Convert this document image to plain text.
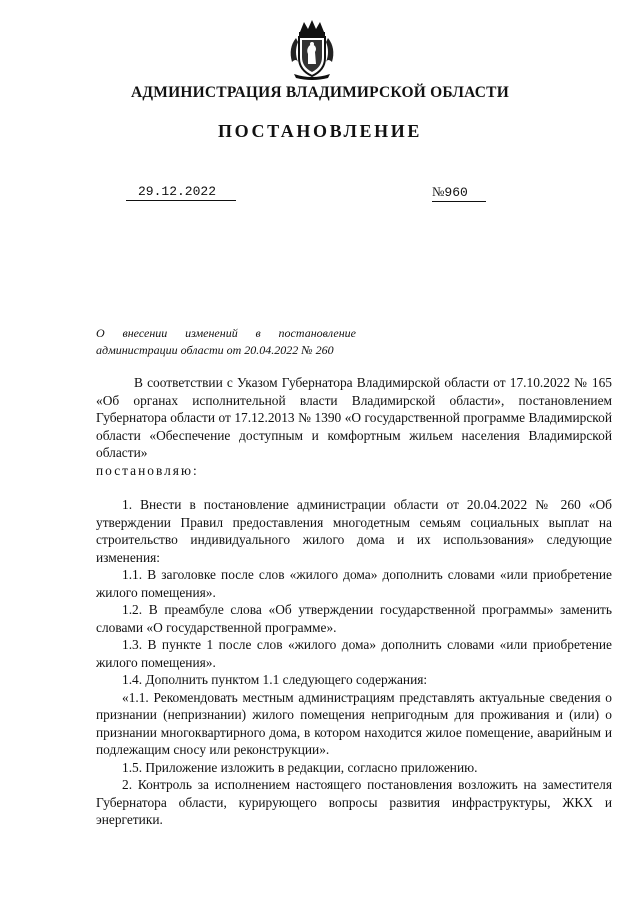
АДМИНИСТРАЦИЯ ВЛАДИМИРСКОЙ ОБЛАСТИ
ПОСТАНОВЛЕНИЕ
29.12.2022	№960
О внесении изменений в постановление
администрации области от 20.04.2022 № 260

В соответствии с Указом Губернатора Владимирской области от 17.10.2022 № 165 «Об органах исполнительной власти Владимирской области», постановлением Губернатора области от 17.12.2013 № 1390 «О государственной программе Владимирской области «Обеспечение доступным и комфортным жильем населения Владимирской области»

постановляю:

1. Внести в постановление администрации области от 20.04.2022 № 260 «Об утверждении Правил предоставления многодетным семьям социальных выплат на строительство индивидуального жилого дома и их использования» следующие изменения:

1.1. В заголовке после слов «жилого дома» дополнить словами «или приобретение жилого помещения».

1.2. В преамбуле слова «Об утверждении государственной программы» заменить словами «О государственной программе».

1.3. В пункте 1 после слов «жилого дома» дополнить словами «или приобретение жилого помещения».

1.4. Дополнить пунктом 1.1 следующего содержания:

«1.1. Рекомендовать местным администрациям представлять актуальные сведения о признании (непризнании) жилого помещения непригодным для проживания и (или) о признании многоквартирного дома, в котором находится жилое помещение, аварийным и подлежащим сносу или реконструкции».

1.5. Приложение изложить в редакции, согласно приложению.

2. Контроль за исполнением настоящего постановления возложить на заместителя Губернатора области, курирующего вопросы развития инфраструктуры, ЖКХ и энергетики.
